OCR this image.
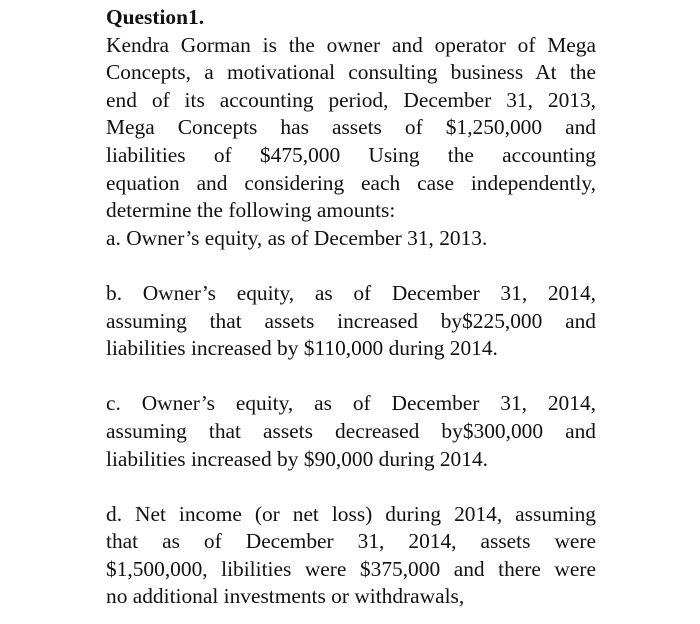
Question1.
Kendra Gorman is the owner and operator of Mega
Concepts, a motivational consulting business At the
end of its accounting period, December 31, 2013,
Mega Concepts has assets of $1,250,000 and
liabilities of $475,000 Using the accounting
equation and considering each case independently,
determine the following amounts:
a. Owner’s equity, as of December 31, 2013.
b. Owner’s equity, as of December 31, 2014,
assuming that assets increased by$225,000 and
liabilities increased by $110,000 during 2014.
c. Owner’s equity, as of December 31, 2014,
assuming that assets decreased by$300,000 and
liabilities increased by $90,000 during 2014.
d. Net income (or net loss) during 2014, assuming
that as of December 31, 2014, assets were
$1,500,000, libilities were $375,000 and there were
no additional investments or withdrawals,
